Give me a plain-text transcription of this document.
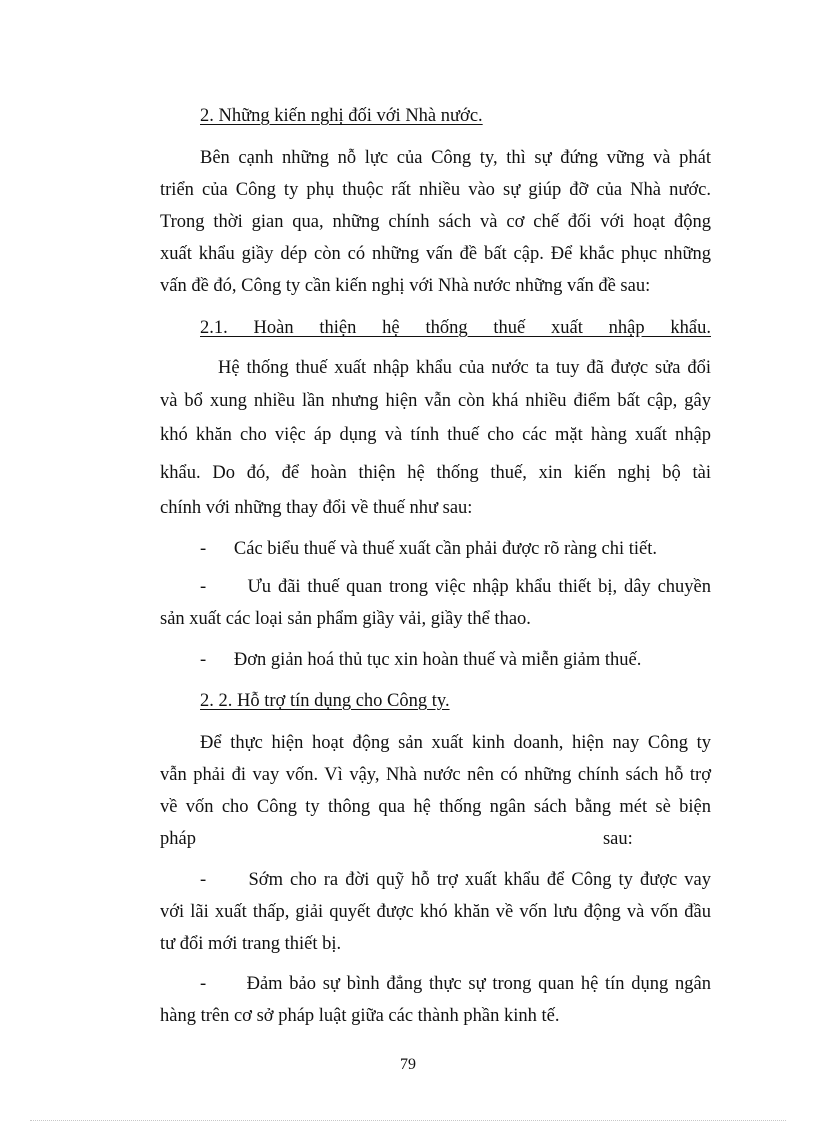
2. Những kiến nghị đối với Nhà nước.
Bên cạnh những nỗ lực của Công ty, thì sự đứng vững và phát
triển của Công ty phụ thuộc rất nhiều vào sự giúp đỡ của Nhà nước.
Trong thời gian qua, những chính sách và cơ chế đối với hoạt động
xuất khẩu giầy dép còn có những vấn đề bất cập. Để khắc phục những
vấn đề đó, Công ty cần kiến nghị với Nhà nước những vấn đề sau:
2.1. Hoàn thiện hệ thống thuế xuất nhập khẩu.
Hệ thống thuế xuất nhập khẩu của nước ta tuy đã được sửa đổi
và bổ xung nhiều lần nhưng hiện vẫn còn khá nhiều điểm bất cập, gây
khó khăn cho việc áp dụng và tính thuế cho các mặt hàng xuất nhập
khẩu. Do đó, để hoàn thiện hệ thống thuế, xin kiến nghị bộ tài
chính với những thay đổi về thuế như sau:
-      Các biểu thuế và thuế xuất cần phải được rõ ràng chi tiết.
-      Ưu đãi thuế quan trong việc nhập khẩu thiết bị, dây chuyền
sản xuất các loại sản phẩm giầy vải, giầy thể thao.
-      Đơn giản hoá thủ tục xin hoàn thuế và miễn giảm thuế.
2. 2. Hỗ trợ tín dụng cho Công ty.
Để thực hiện hoạt động sản xuất kinh doanh, hiện nay Công ty
vẫn phải đi vay vốn. Vì vậy, Nhà nước nên có những chính sách hỗ trợ
về vốn cho Công ty thông qua hệ thống ngân sách bằng mét sè biện
pháp                                                                                        sau:
-      Sớm cho ra đời quỹ hỗ trợ xuất khẩu để Công ty được vay
với lãi xuất thấp, giải quyết được khó khăn về vốn lưu động và vốn đầu
tư đổi mới trang thiết bị.
-      Đảm bảo sự bình đẳng thực sự trong quan hệ tín dụng ngân
hàng trên cơ sở pháp luật giữa các thành phần kinh tế.
79
